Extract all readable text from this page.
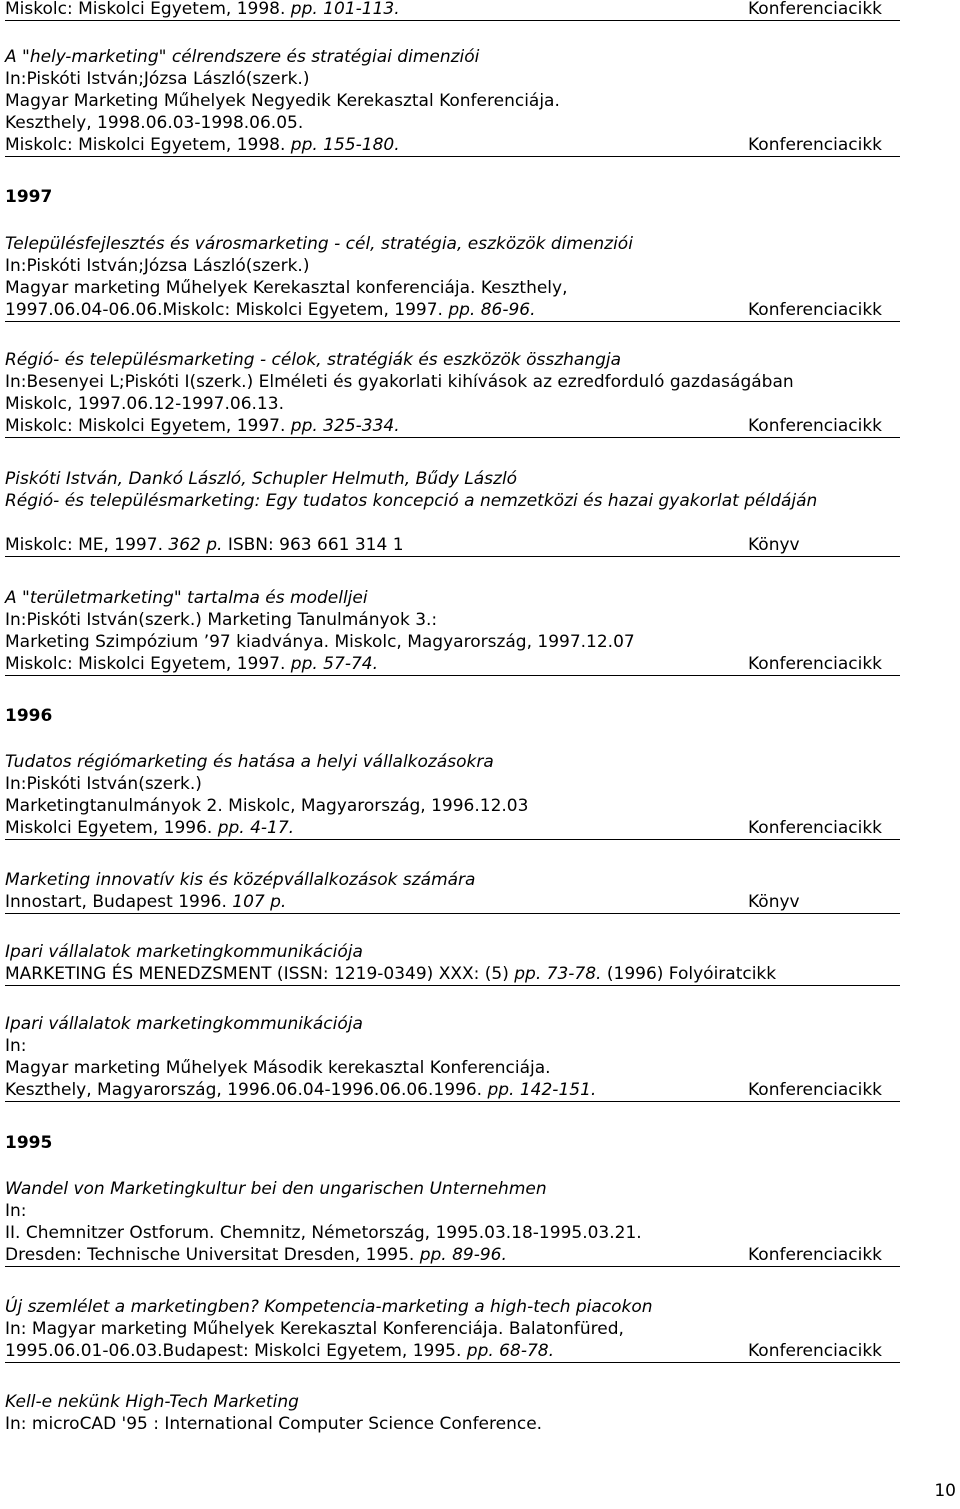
Miskolc: Miskolci Egyetem, 1998. pp. 101-113.	Konferenciacikk
A "hely-marketing" célrendszere és stratégiai dimenziói
In:Piskóti István;Józsa László(szerk.)
Magyar Marketing Műhelyek Negyedik Kerekasztal Konferenciája.
Keszthely, 1998.06.03-1998.06.05.
Miskolc: Miskolci Egyetem, 1998. pp. 155-180.	Konferenciacikk
1997
Településfejlesztés és városmarketing - cél, stratégia, eszközök dimenziói
In:Piskóti István;Józsa László(szerk.)
Magyar marketing Műhelyek Kerekasztal konferenciája. Keszthely,
1997.06.04-06.06.Miskolc: Miskolci Egyetem, 1997. pp. 86-96.	Konferenciacikk
Régió- és településmarketing - célok, stratégiák és eszközök összhangja
In:Besenyei L;Piskóti I(szerk.) Elméleti és gyakorlati kihívások az ezredforduló gazdaságában
Miskolc, 1997.06.12-1997.06.13.
Miskolc: Miskolci Egyetem, 1997. pp. 325-334.	Konferenciacikk
Piskóti István, Dankó László, Schupler Helmuth, Bűdy László
Régió- és településmarketing: Egy tudatos koncepció a nemzetközi és hazai gyakorlat példáján
Miskolc: ME, 1997. 362 p. ISBN: 963 661 314 1	Könyv
A "területmarketing" tartalma és modelljei
In:Piskóti István(szerk.) Marketing Tanulmányok 3.:
Marketing Szimpózium ’97 kiadványa. Miskolc, Magyarország, 1997.12.07
Miskolc: Miskolci Egyetem, 1997. pp. 57-74.	Konferenciacikk
1996
Tudatos régiómarketing és hatása a helyi vállalkozásokra
In:Piskóti István(szerk.)
Marketingtanulmányok 2. Miskolc, Magyarország, 1996.12.03
Miskolci Egyetem, 1996. pp. 4-17.	Konferenciacikk
Marketing innovatív kis és középvállalkozások számára
Innostart, Budapest 1996. 107 p.	Könyv
Ipari vállalatok marketingkommunikációja
MARKETING ÉS MENEDZSMENT (ISSN: 1219-0349) XXX: (5) pp. 73-78. (1996) Folyóiratcikk
Ipari vállalatok marketingkommunikációja
In:
Magyar marketing Műhelyek Második kerekasztal Konferenciája.
Keszthely, Magyarország, 1996.06.04-1996.06.06.1996. pp. 142-151.	Konferenciacikk
1995
Wandel von Marketingkultur bei den ungarischen Unternehmen
In:
II. Chemnitzer Ostforum. Chemnitz, Németország, 1995.03.18-1995.03.21.
Dresden: Technische Universitat Dresden, 1995. pp. 89-96.	Konferenciacikk
Új szemlélet a marketingben? Kompetencia-marketing a high-tech piacokon
In: Magyar marketing Műhelyek Kerekasztal Konferenciája. Balatonfüred,
1995.06.01-06.03.Budapest: Miskolci Egyetem, 1995. pp. 68-78.	Konferenciacikk
Kell-e nekünk High-Tech Marketing
In: microCAD '95 : International Computer Science Conference.
10
